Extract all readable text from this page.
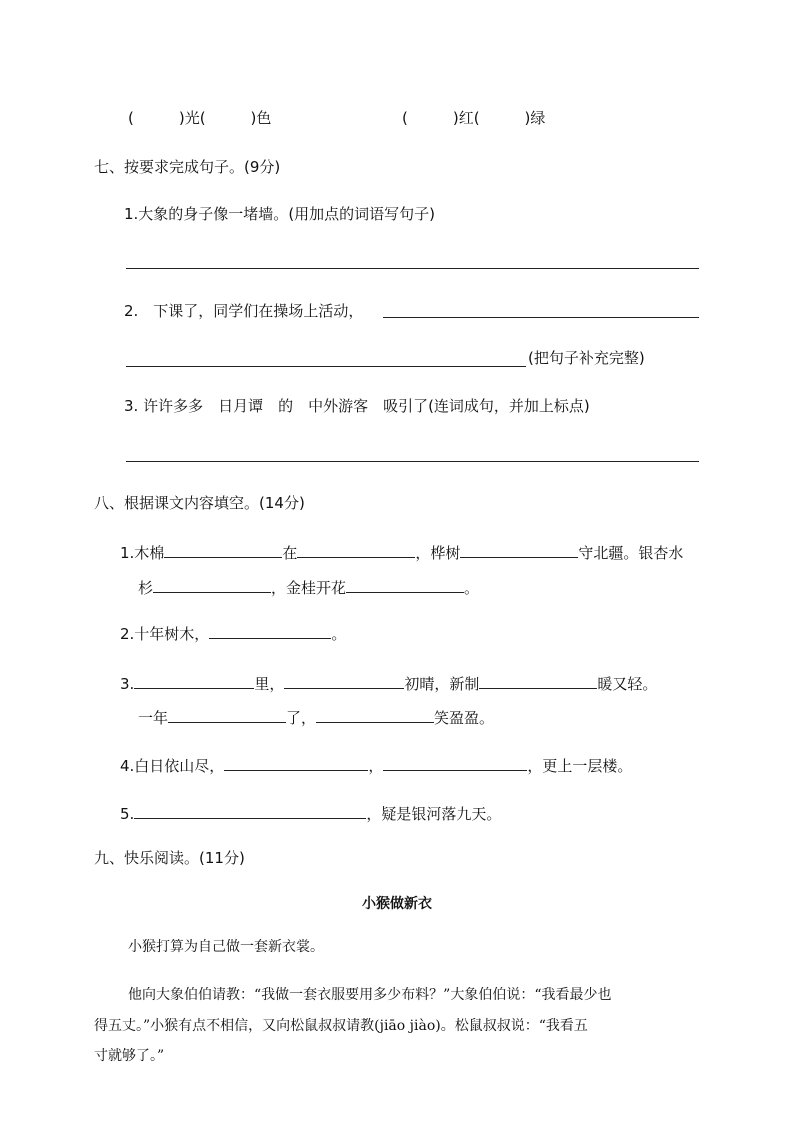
(　　　)光(　　　)色	(　　　)红(　　　)绿
七、按要求完成句子。(9分)
1.大象的身子像一堵墙。(用加点的词语写句子)
2.　下课了，同学们在操场上活动，
(把句子补充完整)
3. 许许多多　日月谭　的　中外游客　吸引了(连词成句，并加上标点)
八、根据课文内容填空。(14分)
1.木棉	在	，桦树	守北疆。银杏水
杉	，金桂开花	。
2.十年树木，	。
3.	里，	初晴，新制	暖又轻。
一年	了，	笑盈盈。
4.白日依山尽，	，	，更上一层楼。
5.	，疑是银河落九天。
九、快乐阅读。(11分)
小猴做新衣
小猴打算为自己做一套新衣裳。
他向大象伯伯请教：“我做一套衣服要用多少布料？”大象伯伯说：“我看最少也
得五丈。”小猴有点不相信，又向松鼠叔叔请教(jiāo jiào)。松鼠叔叔说：“我看五
寸就够了。”
